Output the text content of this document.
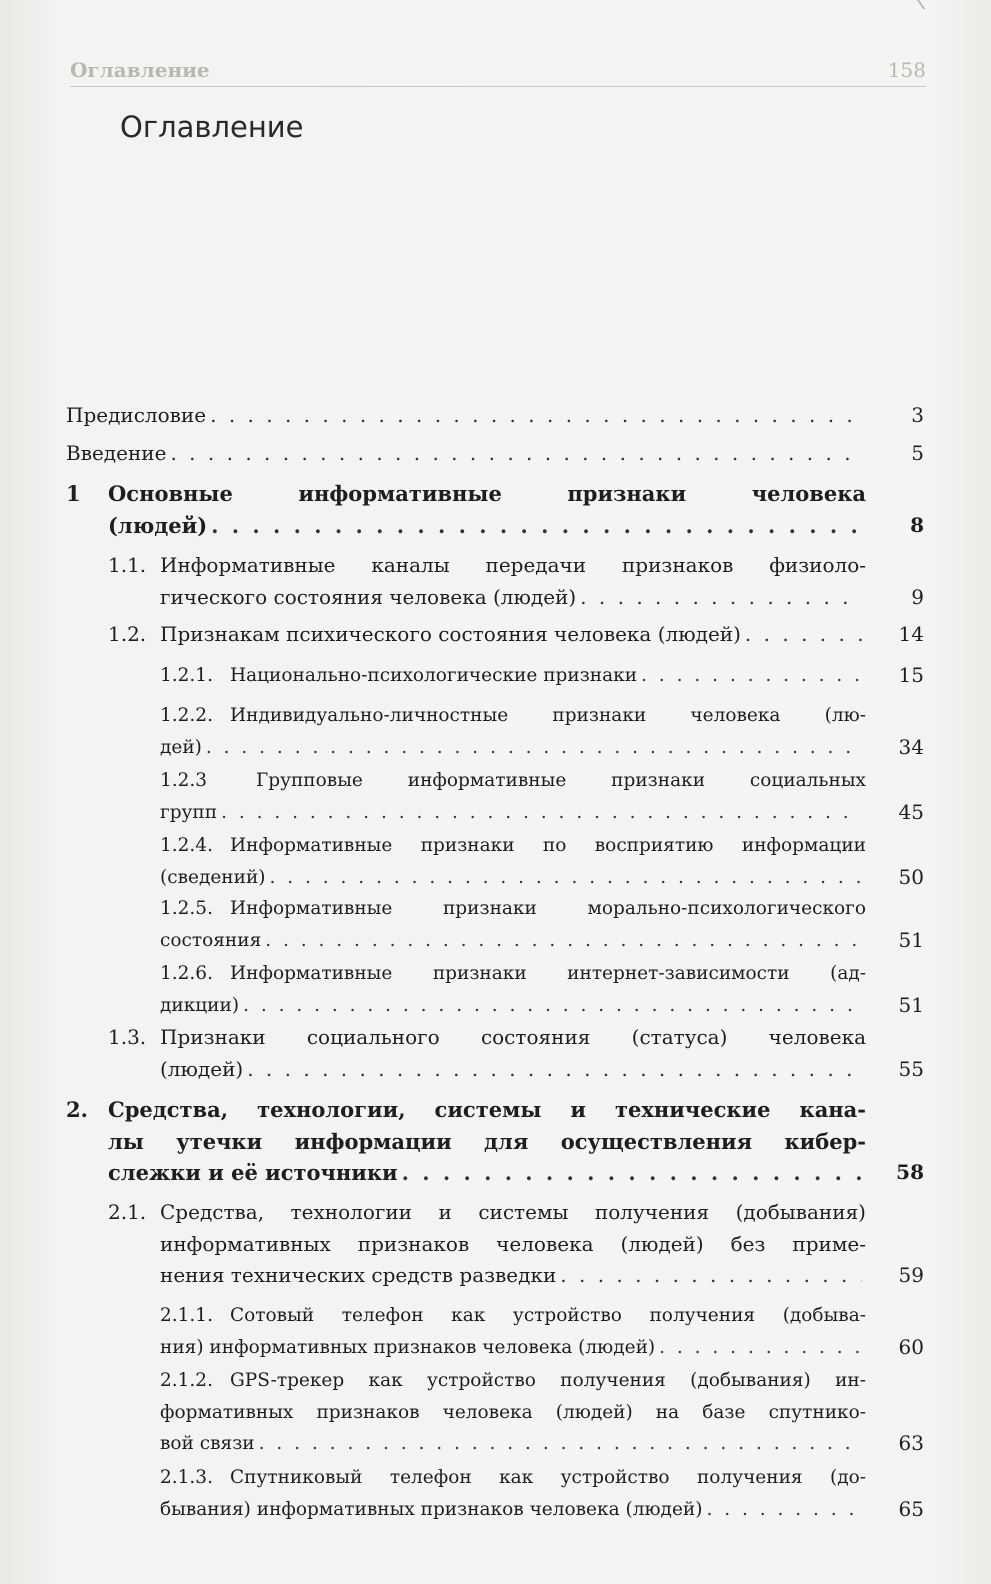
Оглавление	158
Оглавление
Предисловие . . .	3
Введение . . .	5
1 Основные информативные признаки человека
(людей) . . .	8
1.1. Информативные каналы передачи признаков физиоло-
гического состояния человека (людей) . . .	9
1.2. Признакам психического состояния человека (людей) . . .	14
1.2.1. Национально-психологические признаки . . .	15
1.2.2. Индивидуально-личностные признаки человека (лю-
дей) . . .	34
1.2.3	Групповые информативные признаки социальных
групп . . .	45
1.2.4. Информативные признаки по восприятию информации
(сведений) . . .	50
1.2.5. Информативные признаки морально-психологического
состояния . . .	51
1.2.6. Информативные признаки интернет-зависимости (ад-
дикции) . . .	51
1.3. Признаки социального состояния (статуса) человека
(людей) . . .	55
2. Средства, технологии, системы и технические кана-
лы утечки информации для осуществления кибер-
слежки и её источники . . .	58
2.1. Средства, технологии и системы получения (добывания)
информативных признаков человека (людей) без приме-
нения технических средств разведки . . .	59
2.1.1. Сотовый телефон как устройство получения (добыва-
ния) информативных признаков человека (людей) . . .	60
2.1.2. GPS-трекер как устройство получения (добывания) ин-
формативных признаков человека (людей) на базе спутнико-
вой связи . . .	63
2.1.3. Спутниковый телефон как устройство получения (до-
бывания) информативных признаков человека (людей) . . .	65
